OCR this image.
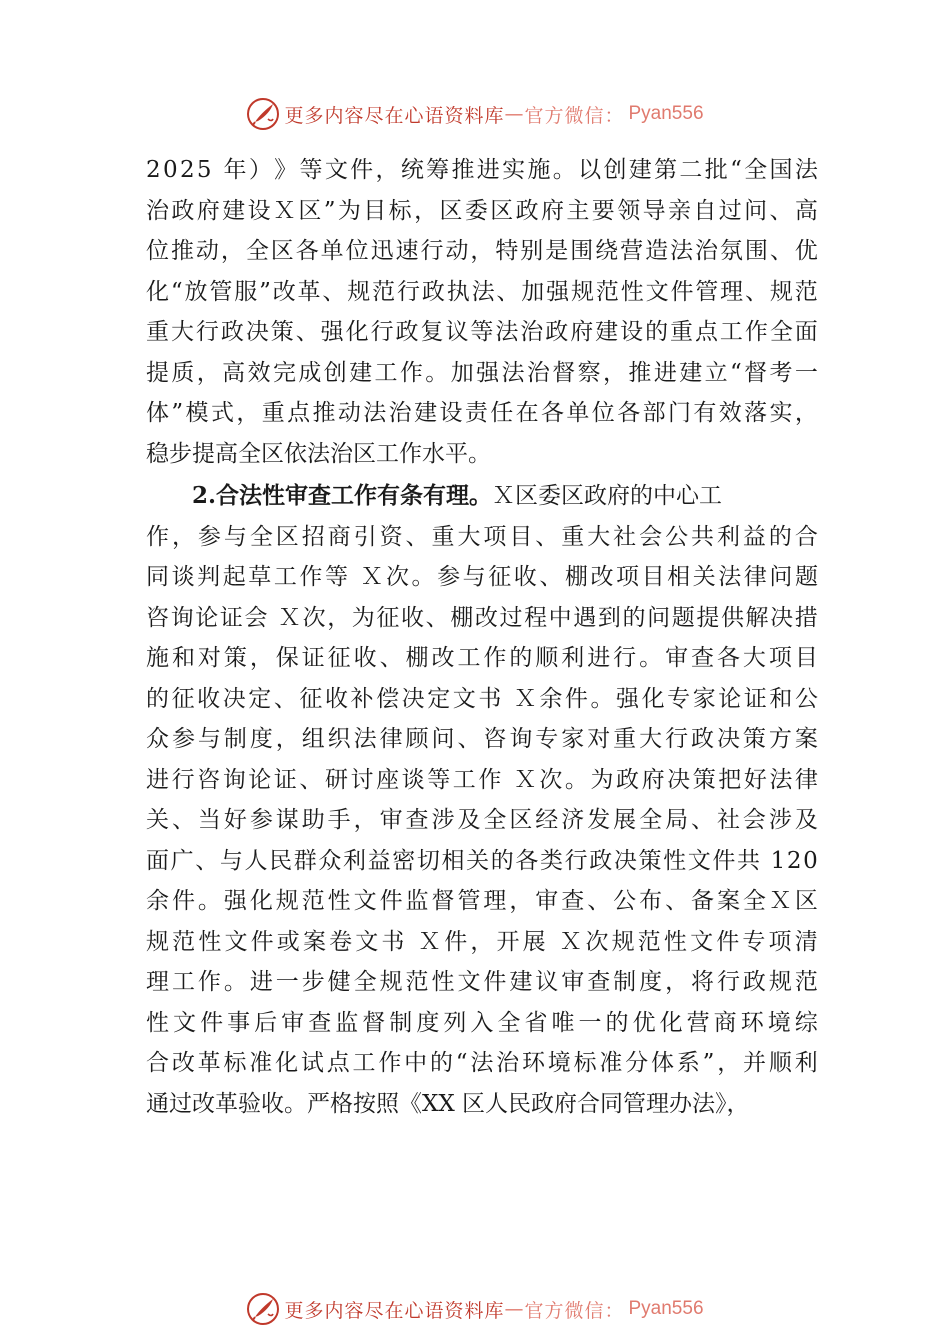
更多内容尽在心语资料库 — 官方微信： Pyan556
2 0 2 5
年 ） 》 等 文 件 ， 统 筹 推 进 实 施 。 以 创 建 第 二 批 “ 全 国 法
治 政 府 建 设 Ｘ 区 ” 为 目 标 ， 区 委 区 政 府 主 要 领 导 亲 自 过 问 、 高
位 推 动 ， 全 区 各 单 位 迅 速 行 动 ， 特 别 是 围 绕 营 造 法 治 氛 围 、 优
化 “ 放 管 服 ” 改 革 、 规 范 行 政 执 法 、 加 强 规 范 性 文 件 管 理 、 规 范
重 大 行 政 决 策 、 强 化 行 政 复 议 等 法 治 政 府 建 设 的 重 点 工 作 全 面
提 质 ， 高 效 完 成 创 建 工 作 。 加 强 法 治 督 察 ， 推 进 建 立 “ 督 考 一
体 ” 模 式 ， 重 点 推 动 法 治 建 设 责 任 在 各 单 位 各 部 门 有 效 落 实 ，
稳步提高全区依法治区工作水平。
2.合法性审查工作有条有理。 Ｘ区委区政府的中心工
作 ， 参 与 全 区 招 商 引 资 、 重 大 项 目 、 重 大 社 会 公 共 利 益 的 合
同 谈 判 起 草 工 作 等
Ｘ 次 。 参 与 征 收 、 棚 改 项 目 相 关 法 律 问 题
咨 询 论 证 会
Ｘ 次 ， 为 征 收 、 棚 改 过 程 中 遇 到 的 问 题 提 供 解 决 措
施 和 对 策 ， 保 证 征 收 、 棚 改 工 作 的 顺 利 进 行 。 审 查 各 大 项 目
的 征 收 决 定 、 征 收 补 偿 决 定 文 书
Ｘ 余 件 。 强 化 专 家 论 证 和 公
众 参 与 制 度 ， 组 织 法 律 顾 问 、 咨 询 专 家 对 重 大 行 政 决 策 方 案
进 行 咨 询 论 证 、 研 讨 座 谈 等 工 作
Ｘ 次 。 为 政 府 决 策 把 好 法 律
关 、 当 好 参 谋 助 手 ， 审 查 涉 及 全 区 经 济 发 展 全 局 、 社 会 涉 及
面 广 、 与 人 民 群 众 利 益 密 切 相 关 的 各 类 行 政 决 策 性 文 件 共
1 2 0
余 件 。 强 化 规 范 性 文 件 监 督 管 理 ， 审 查 、 公 布 、 备 案 全 Ｘ 区
规 范 性 文 件 或 案 卷 文 书
Ｘ 件 ， 开 展
Ｘ 次 规 范 性 文 件 专 项 清
理 工 作 。 进 一 步 健 全 规 范 性 文 件 建 议 审 查 制 度 ， 将 行 政 规 范
性 文 件 事 后 审 查 监 督 制 度 列 入 全 省 唯 一 的 优 化 营 商 环 境 综
合 改 革 标 准 化 试 点 工 作 中 的 “ 法 治 环 境 标 准 分 体 系 ” ， 并 顺 利
通过改革验收。严格按照《XX 区人民政府合同管理办法》，
更多内容尽在心语资料库 — 官方微信： Pyan556
